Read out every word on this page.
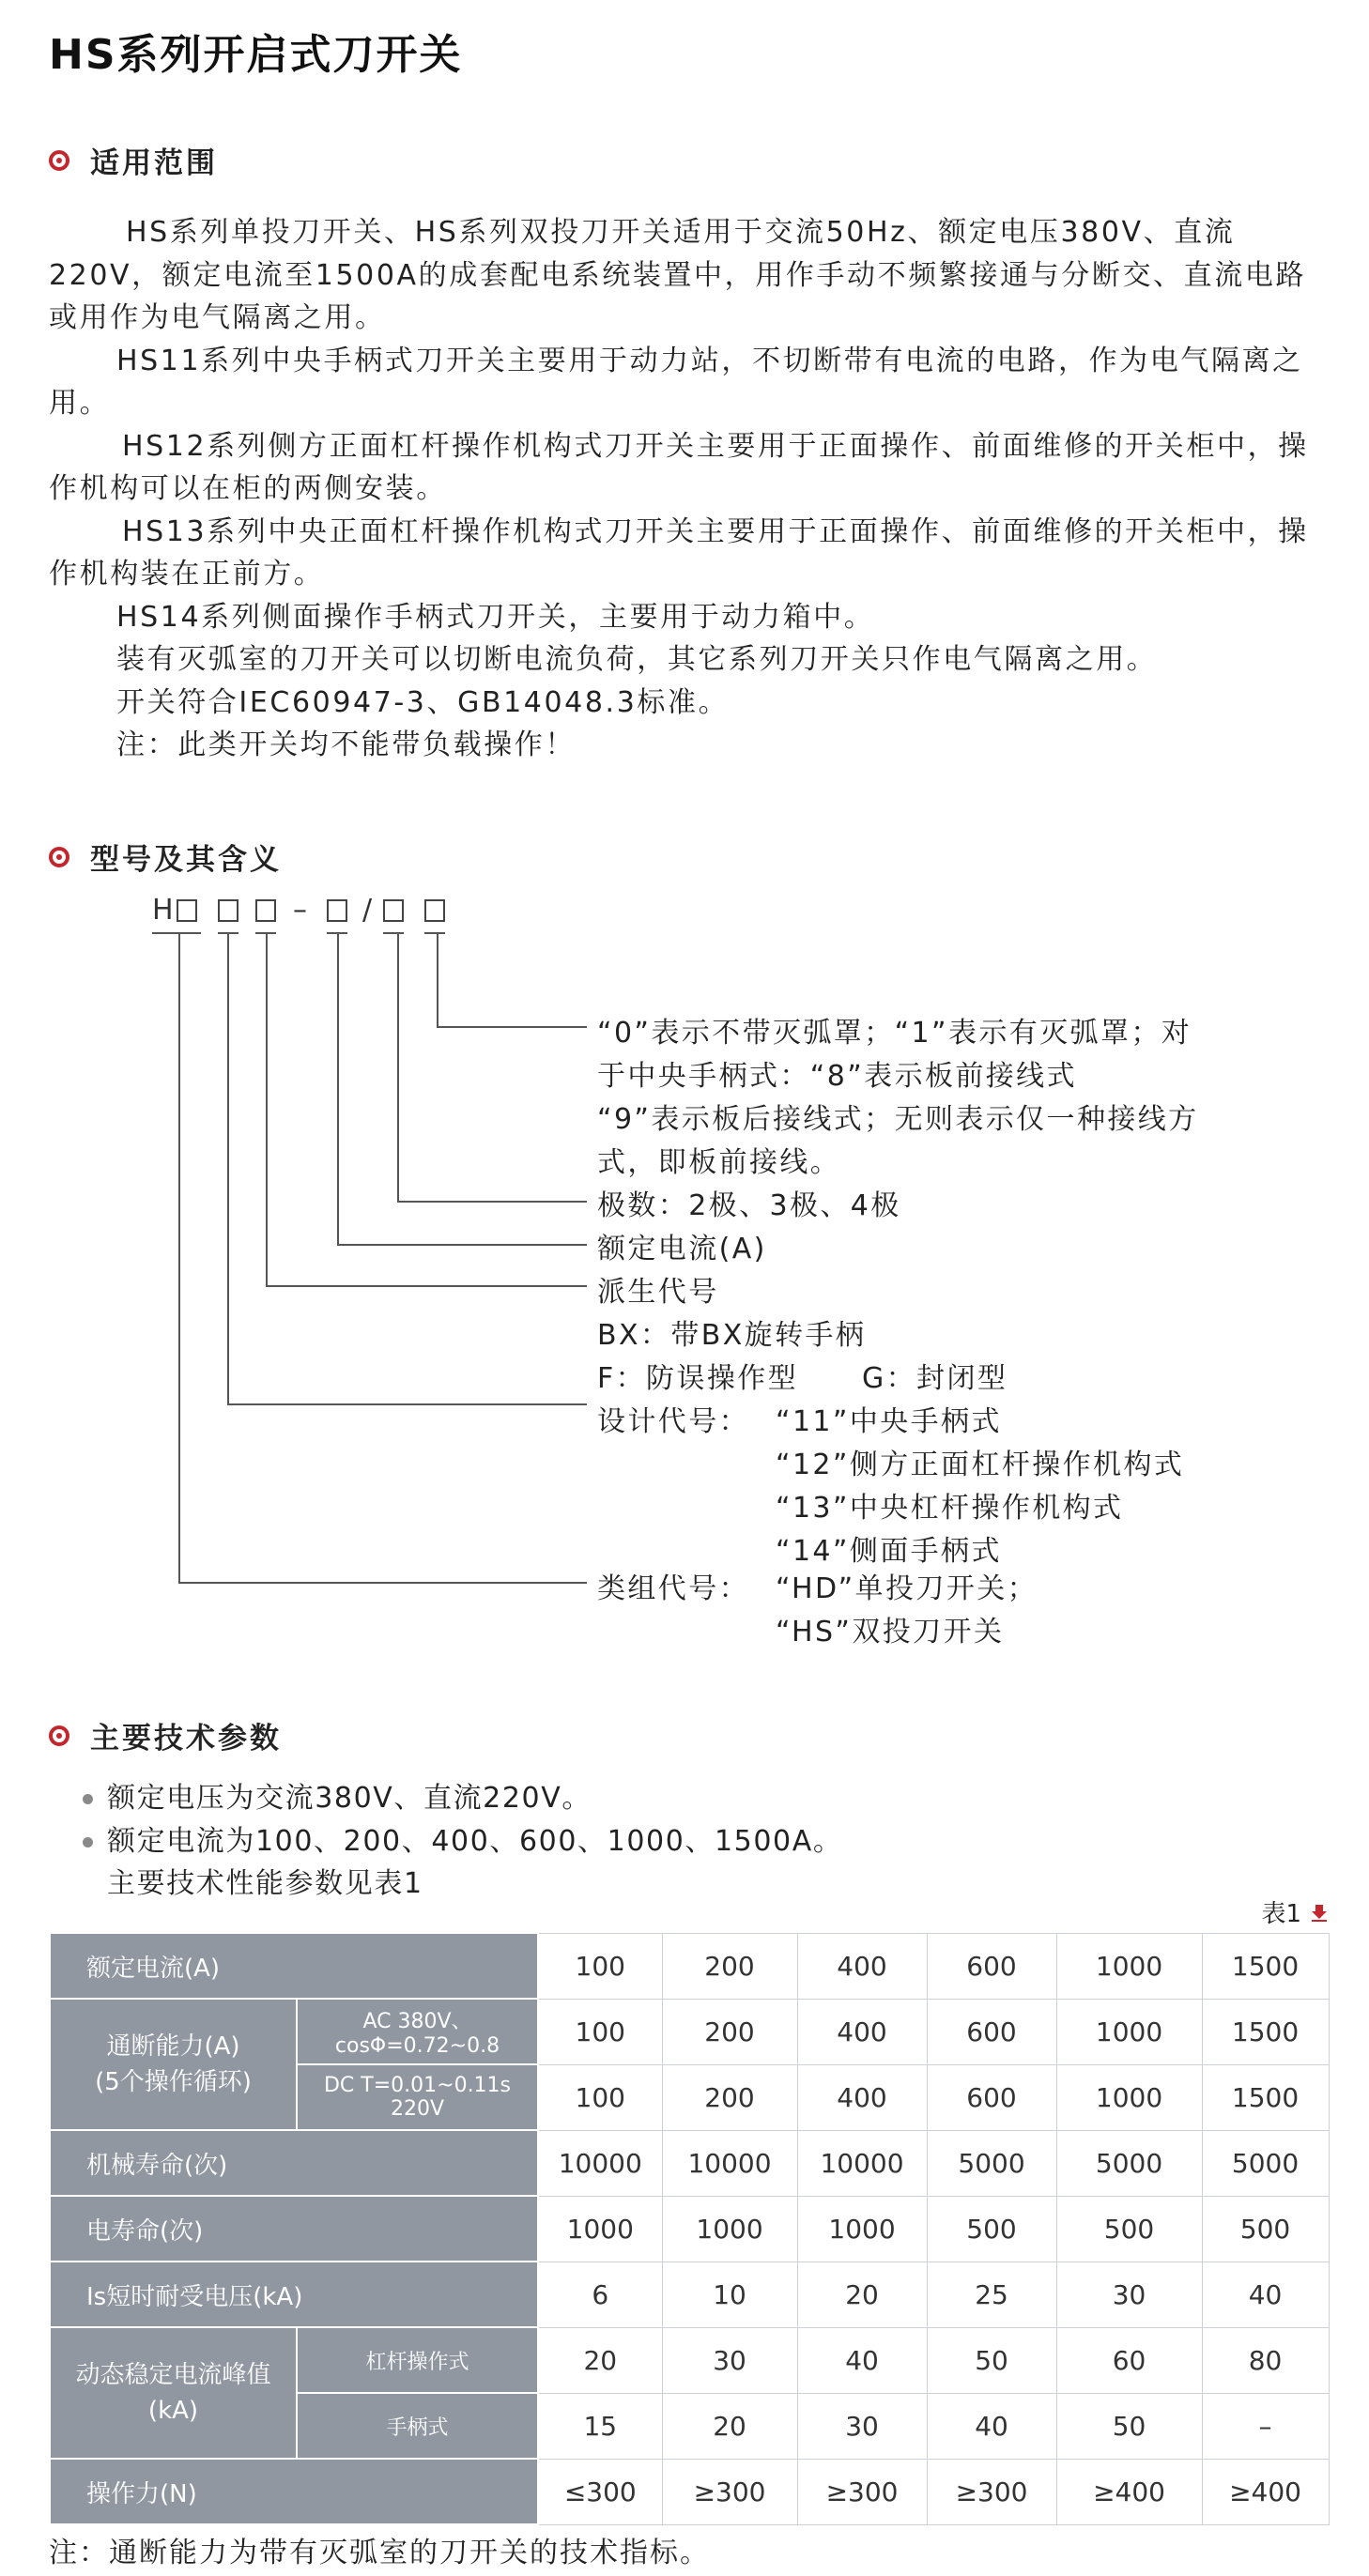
HS系列开启式刀开关
适用范围

HS系列单投刀开关、HS系列双投刀开关适用于交流50Hz、额定电压380V、直流220V，额定电流至1500A的成套配电系统装置中，用作手动不频繁接通与分断交、直流电路或用作为电气隔离之用。

HS11系列中央手柄式刀开关主要用于动力站，不切断带有电流的电路，作为电气隔离之用。

HS12系列侧方正面杠杆操作机构式刀开关主要用于正面操作、前面维修的开关柜中，操作机构可以在柜的两侧安装。

HS13系列中央正面杠杆操作机构式刀开关主要用于正面操作、前面维修的开关柜中，操作机构装在正前方。

HS14系列侧面操作手柄式刀开关，主要用于动力箱中。

装有灭弧室的刀开关可以切断电流负荷，其它系列刀开关只作电气隔离之用。

开关符合IEC60947-3、GB14048.3标准。

注：此类开关均不能带负载操作！

型号及其含义
H	– /
“0”表示不带灭弧罩；“1”表示有灭弧罩；对
于中央手柄式：“8”表示板前接线式
“9”表示板后接线式；无则表示仅一种接线方
式，即板前接线。
极数：2极、3极、4极
额定电流(A)
派生代号
BX：带BX旋转手柄
F：防误操作型 G：封闭型
设计代号： “11”中央手柄式
“12”侧方正面杠杆操作机构式
“13”中央杠杆操作机构式
“14”侧面手柄式
类组代号： “HD”单投刀开关；
“HS”双投刀开关
主要技术参数
额定电压为交流380V、直流220V。
额定电流为100、200、400、600、1000、1500A。
主要技术性能参数见表1
表1
额定电流(A)		100	200	400	600	1000	1500

通断能力(A)
(5个操作循环)	AC 380V、cosΦ=0.72~0.8	100	200	400	600	1000	1500
	DC T=0.01~0.11s 220V	100	200	400	600	1000	1500
机械寿命(次)		10000	10000	10000	5000	5000	5000
电寿命(次)		1000	1000	1000	500	500	500
Is短时耐受电压(kA)		6	10	20	25	30	40

动态稳定电流峰值
(kA)	杠杆操作式	20	30	40	50	60	80
	手柄式	15	20	30	40	50	–
操作力(N)		≤300	≥300	≥300	≥300	≥400	≥400
注：通断能力为带有灭弧室的刀开关的技术指标。
